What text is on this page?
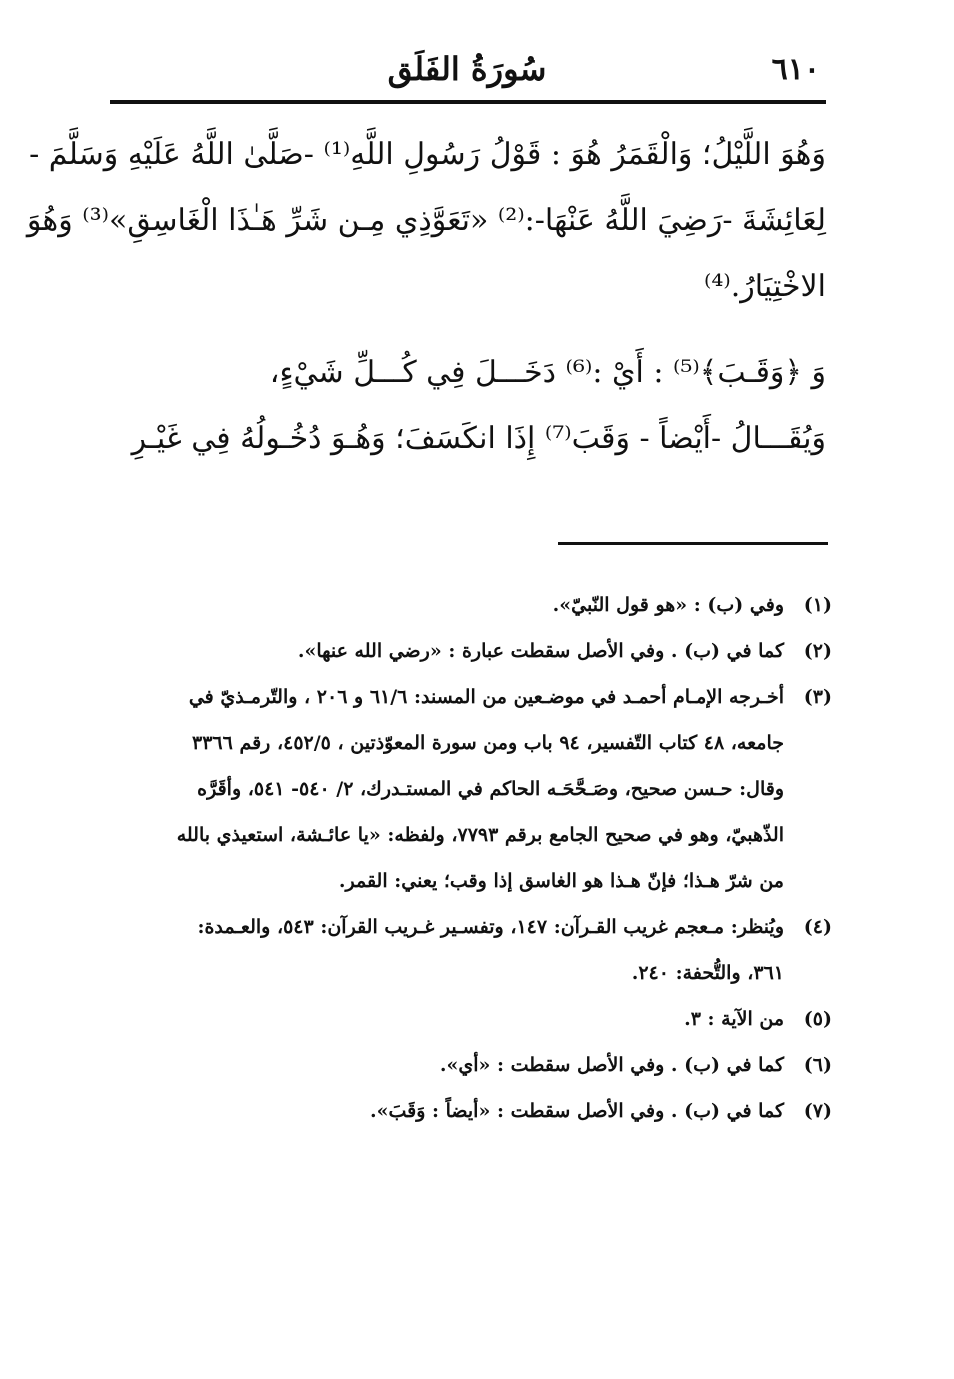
٦١٠
سُورَةُ الفَلَق
وَهُوَ اللَّيْلُ؛ وَالْقَمَرُ هُوَ : قَوْلُ رَسُولِ اللَّهِ⁽¹⁾ -صَلَّىٰ اللَّهُ عَلَيْهِ وَسَلَّمَ -
لِعَائِشَةَ -رَضِيَ اللَّهُ عَنْهَا-:⁽²⁾ «تَعَوَّذِي مِـن شَرِّ هَـٰذَا الْغَاسِقِ»⁽³⁾ وَهُوَ
الاخْتِيَارُ.⁽⁴⁾
وَ ﴿وَقَـبَ﴾⁽⁵⁾ : أَيْ :⁽⁶⁾ دَخَـــلَ فِي كُـــلِّ شَيْءٍ،
وَيُقَـــالُ -أَيْضاً - وَقَبَ⁽⁷⁾ إِذَا انكَسَفَ؛ وَهُـوَ دُخُـولُهُ فِي غَيْـرِ
(١)
وفي (ب) : «هو قول النّبيّ».
(٢)
كما في (ب) . وفي الأصل سقطت عبارة : «رضي الله عنها».
(٣)
أخـرجه الإمـام أحمـد في موضـعين من المسند: ٦١/٦ و ٢٠٦ ، والتّرمـذيّ في
جامعه، ٤٨ كتاب التّفسير، ٩٤ باب ومن سورة المعوّذتين ، ٤٥٢/٥، رقم ٣٣٦٦
وقال: حـسن صحيح، وصَـحَّحَـه الحاكم في المستـدرك، ٢/ ٥٤٠- ٥٤١، وأقَرَّه
الذّهبيّ، وهو في صحيح الجامع برقم ٧٧٩٣، ولفظه: «يا عائـشة، استعيذي بالله
من شرّ هـذا؛ فإنّ هـذا هو الغاسق إذا وقب؛ يعني: القمر.
(٤)
ويُنظر: مـعجم غريب القـرآن: ١٤٧، وتفسـير غـريب القرآن: ٥٤٣، والعـمدة:
٣٦١، والتُّحفة: ٢٤٠.
(٥)
من الآية : ٣.
(٦)
كما في (ب) . وفي الأصل سقطت : «أي».
(٧)
كما في (ب) . وفي الأصل سقطت : «أيضاً : وَقَبَ».
